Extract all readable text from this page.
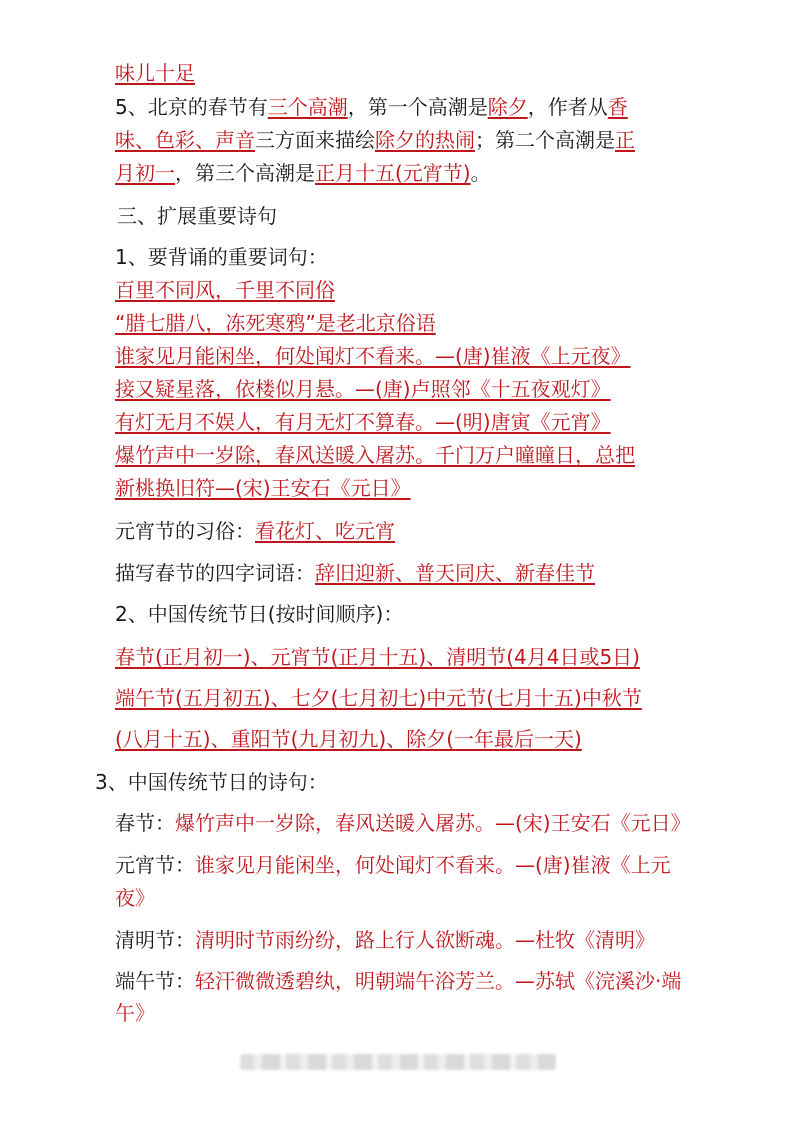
味儿十足
5、北京的春节有三个高潮，第一个高潮是除夕，作者从香
味、色彩、声音三方面来描绘除夕的热闹；第二个高潮是正
月初一，第三个高潮是正月十五(元宵节)。
三、扩展重要诗句
1、要背诵的重要词句：
百里不同风，千里不同俗
“腊七腊八，冻死寒鸦”是老北京俗语
谁家见月能闲坐，何处闻灯不看来。—(唐)崔液《上元夜》
接又疑星落，依楼似月悬。—(唐)卢照邻《十五夜观灯》
有灯无月不娱人，有月无灯不算春。—(明)唐寅《元宵》
爆竹声中一岁除，春风送暖入屠苏。千门万户曈曈日，总把
新桃换旧符—(宋)王安石《元日》
元宵节的习俗：看花灯、吃元宵
描写春节的四字词语：辞旧迎新、普天同庆、新春佳节
2、中国传统节日(按时间顺序)：
春节(正月初一)、元宵节(正月十五)、清明节(4月4日或5日)
端午节(五月初五)、七夕(七月初七)中元节(七月十五)中秋节
(八月十五)、重阳节(九月初九)、除夕(一年最后一天)
3、中国传统节日的诗句：
春节：爆竹声中一岁除，春风送暖入屠苏。—(宋)王安石《元日》
元宵节：谁家见月能闲坐，何处闻灯不看来。—(唐)崔液《上元
夜》
清明节：清明时节雨纷纷，路上行人欲断魂。—杜牧《清明》
端午节：轻汗微微透碧纨，明朝端午浴芳兰。—苏轼《浣溪沙·端
午》
